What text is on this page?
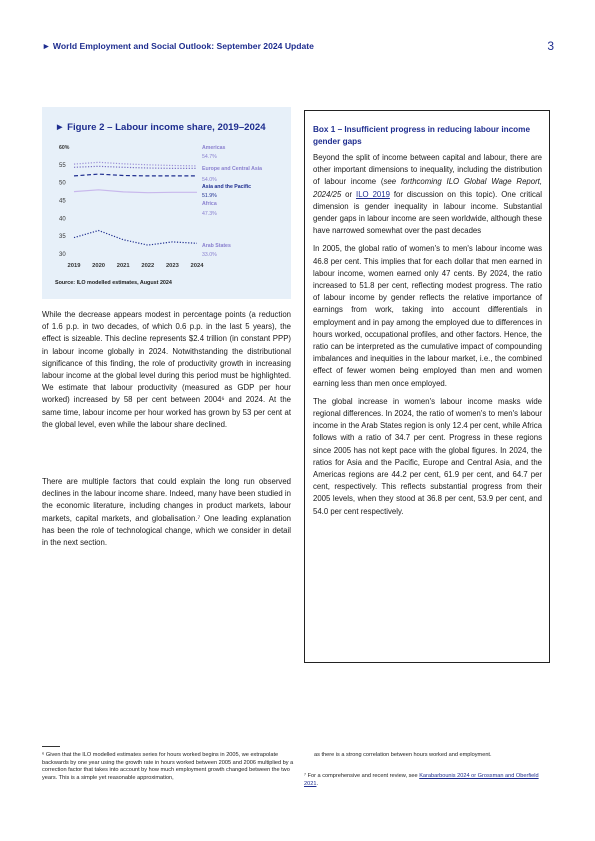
► World Employment and Social Outlook: September 2024 Update	3
► Figure 2 – Labour income share, 2019–2024
60%
55
50
45
40
35
30
2019 2020 2021 2022 2023 2024
Americas
54.7%
Europe and Central Asia
54.0%
Asia and the Pacific
51.9%
Africa
47.3%
Arab States
33.0%
Source: ILO modelled estimates, August 2024

While the decrease appears modest in percentage points (a reduction of 1.6 p.p. in two decades, of which 0.6 p.p. in the last 5 years), the effect is sizeable. This decline represents $2.4 trillion (in constant PPP) in labour income globally in 2024. Notwithstanding the distributional significance of this finding, the role of productivity growth in increasing labour income at the global level during this period must be highlighted. We estimate that labour productivity (measured as GDP per hour worked) increased by 58 per cent between 2004⁶ and 2024. At the same time, labour income per hour worked has grown by 53 per cent at the global level, even while the labour share declined.

There are multiple factors that could explain the long run observed declines in the labour income share. Indeed, many have been studied in the economic literature, including changes in product markets, labour markets, capital markets, and globalisation.⁷ One leading explanation has been the role of technological change, which we consider in detail in the next section.

Box 1 – Insufficient progress in reducing labour income gender gaps

Beyond the split of income between capital and labour, there are other important dimensions to inequality, including the distribution of labour income (see forthcoming ILO Global Wage Report, 2024/25 or ILO 2019 for discussion on this topic). One critical dimension is gender inequality in labour income. Substantial gender gaps in labour income are seen worldwide, although these have narrowed somewhat over the past decades

In 2005, the global ratio of women's to men's labour income was 46.8 per cent. This implies that for each dollar that men earned in labour income, women earned only 47 cents. By 2024, the ratio increased to 51.8 per cent, reflecting modest progress. The ratio of labour income by gender reflects the relative importance of earnings from work, taking into account differentials in employment and in pay among the employed due to differences in hours worked, occupational profiles, and other factors. Hence, the ratio can be interpreted as the cumulative impact of compounding imbalances and inequities in the labour market, i.e., the combined effect of fewer women being employed than men and women earning less than men once employed.

The global increase in women's labour income masks wide regional differences. In 2024, the ratio of women's to men's labour income in the Arab States region is only 12.4 per cent, while Africa follows with a ratio of 34.7 per cent. Progress in these regions since 2005 has not kept pace with the global figures. In 2024, the ratios for Asia and the Pacific, Europe and Central Asia, and the Americas regions are 44.2 per cent, 61.9 per cent, and 64.7 per cent, respectively. This reflects substantial progress from their 2005 levels, when they stood at 36.8 per cent, 53.9 per cent, and 54.0 per cent respectively.

⁶ Given that the ILO modelled estimates series for hours worked begins in 2005, we extrapolate backwards by one year using the growth rate in hours worked between 2005 and 2006 multiplied by a correction factor that takes into account by how much employment growth changed between the two years. This is a simple yet reasonable approximation,

as there is a strong correlation between hours worked and employment.

⁷ For a comprehensive and recent review, see Karabarbounis 2024 or Grossman and Oberfield 2021.
